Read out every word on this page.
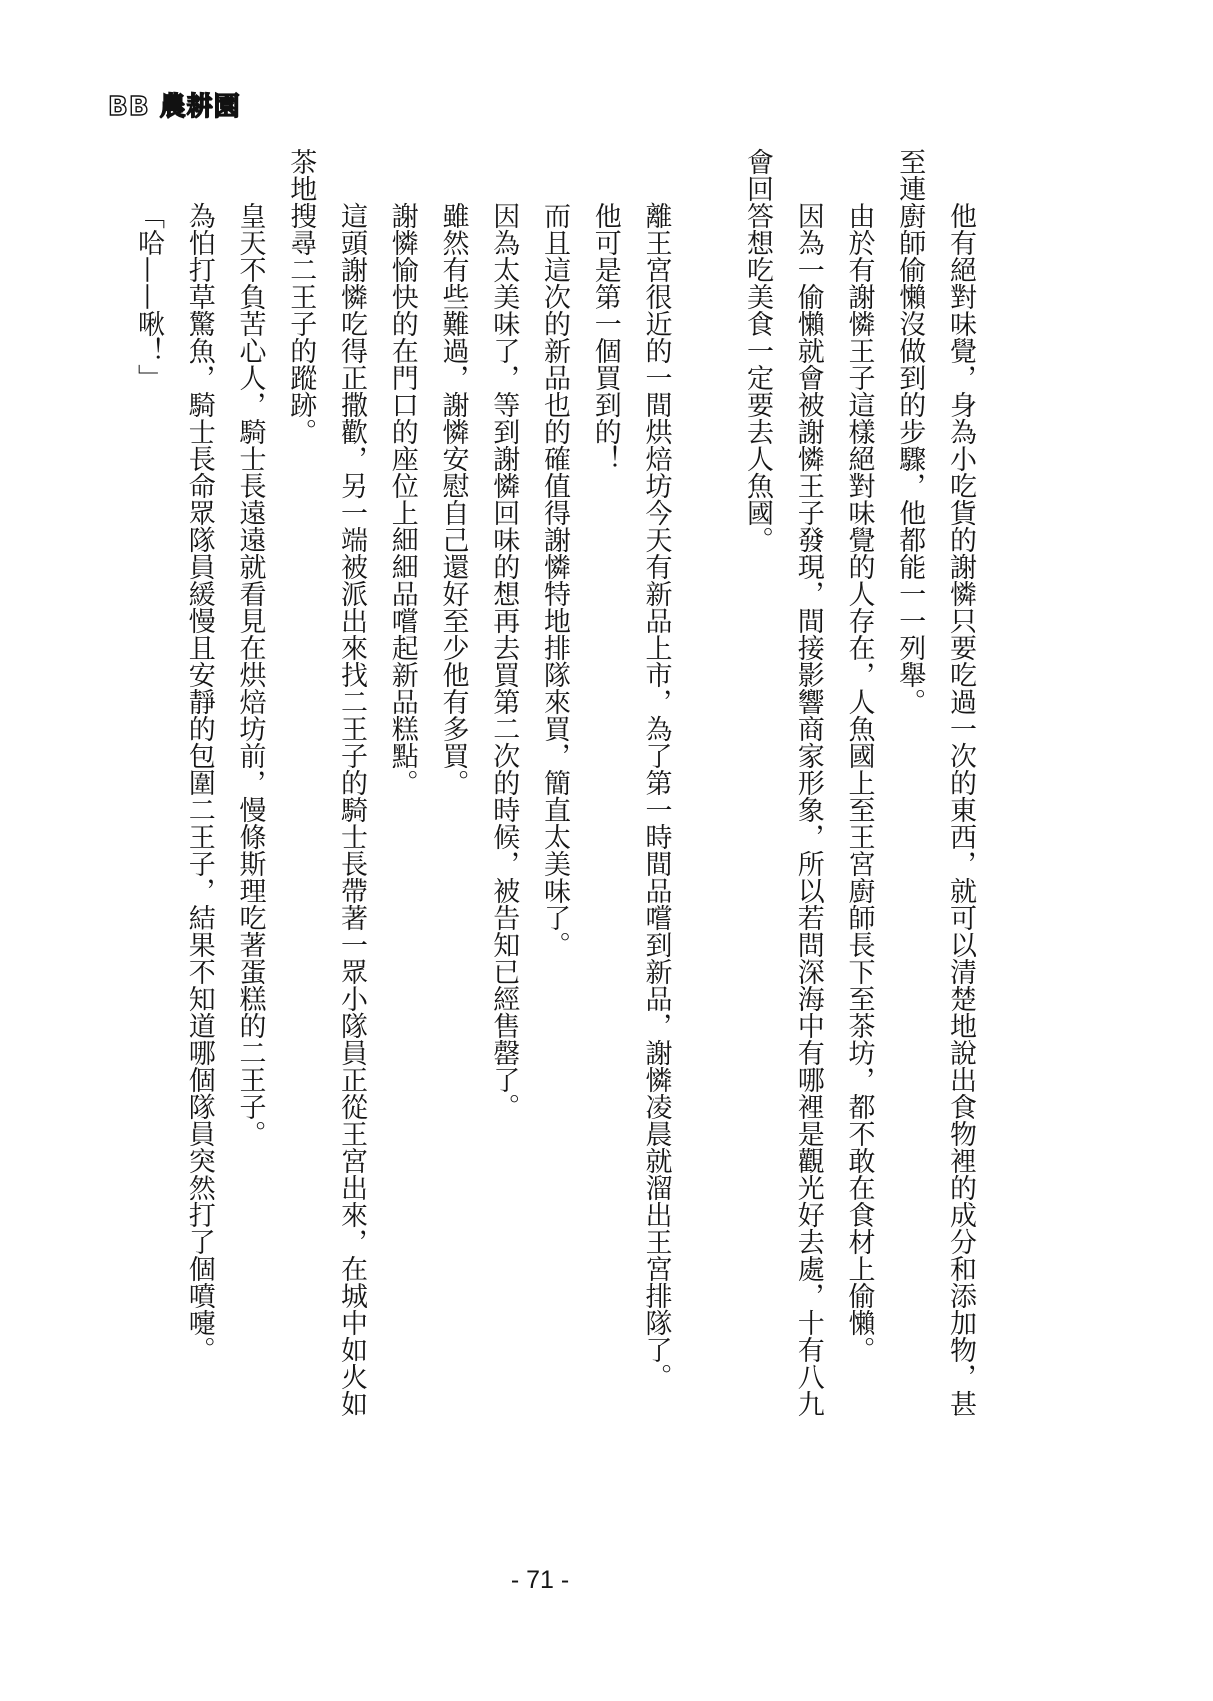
BB 農耕園
他有絕對味覺，身為小吃貨的謝憐只要吃過一次的東西，就可以清楚地說出食物裡的成分和添加物，甚
至連廚師偷懶沒做到的步驟，他都能一一列舉。
由於有謝憐王子這樣絕對味覺的人存在，人魚國上至王宮廚師長下至茶坊，都不敢在食材上偷懶。
因為一偷懶就會被謝憐王子發現，間接影響商家形象，所以若問深海中有哪裡是觀光好去處，十有八九
會回答想吃美食一定要去人魚國。
離王宮很近的一間烘焙坊今天有新品上市，為了第一時間品嚐到新品，謝憐凌晨就溜出王宮排隊了。
他可是第一個買到的！
而且這次的新品也的確值得謝憐特地排隊來買，簡直太美味了。
因為太美味了，等到謝憐回味的想再去買第二次的時候，被告知已經售罄了。
雖然有些難過，謝憐安慰自己還好至少他有多買。
謝憐愉快的在門口的座位上細細品嚐起新品糕點。
這頭謝憐吃得正撒歡，另一端被派出來找二王子的騎士長帶著一眾小隊員正從王宮出來，在城中如火如
茶地搜尋二王子的蹤跡。
皇天不負苦心人，騎士長遠遠就看見在烘焙坊前，慢條斯理吃著蛋糕的二王子。
為怕打草驚魚，騎士長命眾隊員緩慢且安靜的包圍二王子，結果不知道哪個隊員突然打了個噴嚏。
「哈——啾！」
- 71 -
